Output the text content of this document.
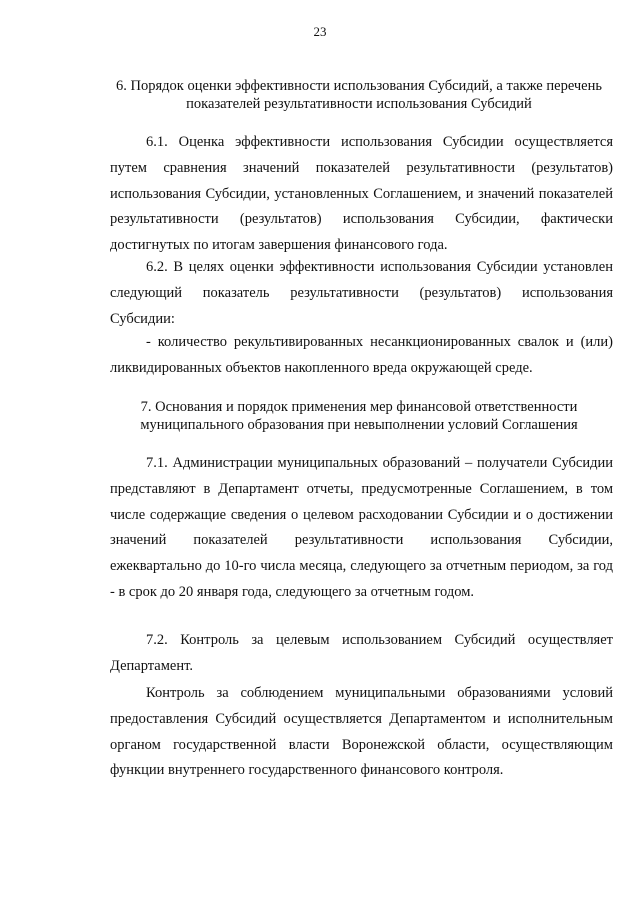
23
6. Порядок оценки эффективности использования Субсидий, а также перечень показателей результативности использования Субсидий

6.1. Оценка эффективности использования Субсидии осуществляется путем сравнения значений показателей результативности (результатов) использования Субсидии, установленных Соглашением, и значений показателей результативности (результатов) использования Субсидии, фактически достигнутых по итогам завершения финансового года.

6.2. В целях оценки эффективности использования Субсидии установлен следующий показатель результативности (результатов) использования Субсидии:

- количество рекультивированных несанкционированных свалок и (или) ликвидированных объектов накопленного вреда окружающей среде.

7. Основания и порядок применения мер финансовой ответственности муниципального образования при невыполнении условий Соглашения

7.1. Администрации муниципальных образований – получатели Субсидии представляют в Департамент отчеты, предусмотренные Соглашением, в том числе содержащие сведения о целевом расходовании Субсидии и о достижении значений показателей результативности использования Субсидии, ежеквартально до 10-го числа месяца, следующего за отчетным периодом, за год - в срок до 20 января года, следующего за отчетным годом.

7.2. Контроль за целевым использованием Субсидий осуществляет Департамент.

Контроль за соблюдением муниципальными образованиями условий предоставления Субсидий осуществляется Департаментом и исполнительным органом государственной власти Воронежской области, осуществляющим функции внутреннего государственного финансового контроля.
